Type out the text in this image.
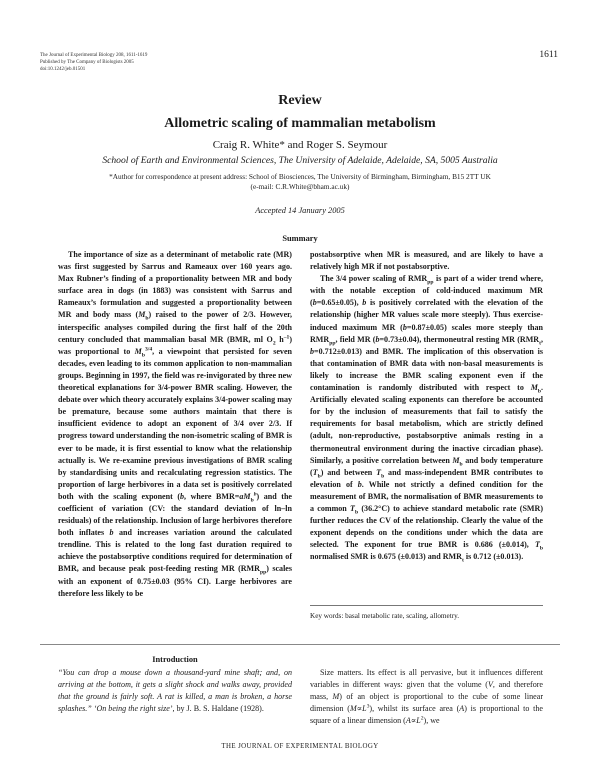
The Journal of Experimental Biology 208, 1611-1619
Published by The Company of Biologists 2005
doi:10.1242/jeb.01501
1611
Review
Allometric scaling of mammalian metabolism
Craig R. White* and Roger S. Seymour
School of Earth and Environmental Sciences, The University of Adelaide, Adelaide, SA, 5005 Australia
*Author for correspondence at present address: School of Biosciences, The University of Birmingham, Birmingham, B15 2TT UK
(e-mail: C.R.White@bham.ac.uk)
Accepted 14 January 2005
Summary

The importance of size as a determinant of metabolic rate (MR) was first suggested by Sarrus and Rameaux over 160 years ago. Max Rubner’s finding of a proportionality between MR and body surface area in dogs (in 1883) was consistent with Sarrus and Rameaux’s formulation and suggested a proportionality between MR and body mass $(M_b)$ raised to the power of 2/3. However, interspecific analyses compiled during the first half of the 20th century concluded that mammalian basal MR (BMR, ml $O_2$ $h^{-1}$) was proportional to $M_b^{3/4}$, a viewpoint that persisted for seven decades, even leading to its common application to non-mammalian groups. Beginning in 1997, the field was re-invigorated by three new theoretical explanations for 3/4-power BMR scaling. However, the debate over which theory accurately explains 3/4-power scaling may be premature, because some authors maintain that there is insufficient evidence to adopt an exponent of 3/4 over 2/3. If progress toward understanding the non-isometric scaling of BMR is ever to be made, it is first essential to know what the relationship actually is. We re-examine previous investigations of BMR scaling by standardising units and recalculating regression statistics. The proportion of large herbivores in a data set is positively correlated both with the scaling exponent (b, where $BMR=aM_b^b$) and the coefficient of variation (CV: the standard deviation of ln–ln residuals) of the relationship. Inclusion of large herbivores therefore both inflates b and increases variation around the calculated trendline. This is related to the long fast duration required to achieve the postabsorptive conditions required for determination of BMR, and because peak post-feeding resting MR $(RMR_{pp})$ scales with an exponent of 0.75±0.03 (95% CI). Large herbivores are therefore less likely to be

postabsorptive when MR is measured, and are likely to have a relatively high MR if not postabsorptive.

The 3/4 power scaling of $RMR_{pp}$ is part of a wider trend where, with the notable exception of cold-induced maximum MR (b=0.65±0.05), b is positively correlated with the elevation of the relationship (higher MR values scale more steeply). Thus exercise-induced maximum MR (b=0.87±0.05) scales more steeply than $RMR_{pp}$, field MR (b=0.73±0.04), thermoneutral resting MR ($RMR_t$, b=0.712±0.013) and BMR. The implication of this observation is that contamination of BMR data with non-basal measurements is likely to increase the BMR scaling exponent even if the contamination is randomly distributed with respect to $M_b$. Artificially elevated scaling exponents can therefore be accounted for by the inclusion of measurements that fail to satisfy the requirements for basal metabolism, which are strictly defined (adult, non-reproductive, postabsorptive animals resting in a thermoneutral environment during the inactive circadian phase). Similarly, a positive correlation between $M_b$ and body temperature $(T_b)$ and between $T_b$ and mass-independent BMR contributes to elevation of b. While not strictly a defined condition for the measurement of BMR, the normalisation of BMR measurements to a common $T_b$ (36.2°C) to achieve standard metabolic rate (SMR) further reduces the CV of the relationship. Clearly the value of the exponent depends on the conditions under which the data are selected. The exponent for true BMR is 0.686 (±0.014), $T_b$ normalised SMR is 0.675 (±0.013) and $RMR_t$ is 0.712 (±0.013).

Key words: basal metabolic rate, scaling, allometry.
Introduction
“You can drop a mouse down a thousand-yard mine shaft; and, on arriving at the bottom, it gets a slight shock and walks away, provided that the ground is fairly soft. A rat is killed, a man is broken, a horse splashes.” ‘On being the right size’, by J. B. S. Haldane (1928).

Size matters. Its effect is all pervasive, but it influences different variables in different ways: given that the volume (V, and therefore mass, M) of an object is proportional to the cube of some linear dimension $(M\propto L^3)$, whilst its surface area (A) is proportional to the square of a linear dimension $(A\propto L^2)$, we

THE JOURNAL OF EXPERIMENTAL BIOLOGY
